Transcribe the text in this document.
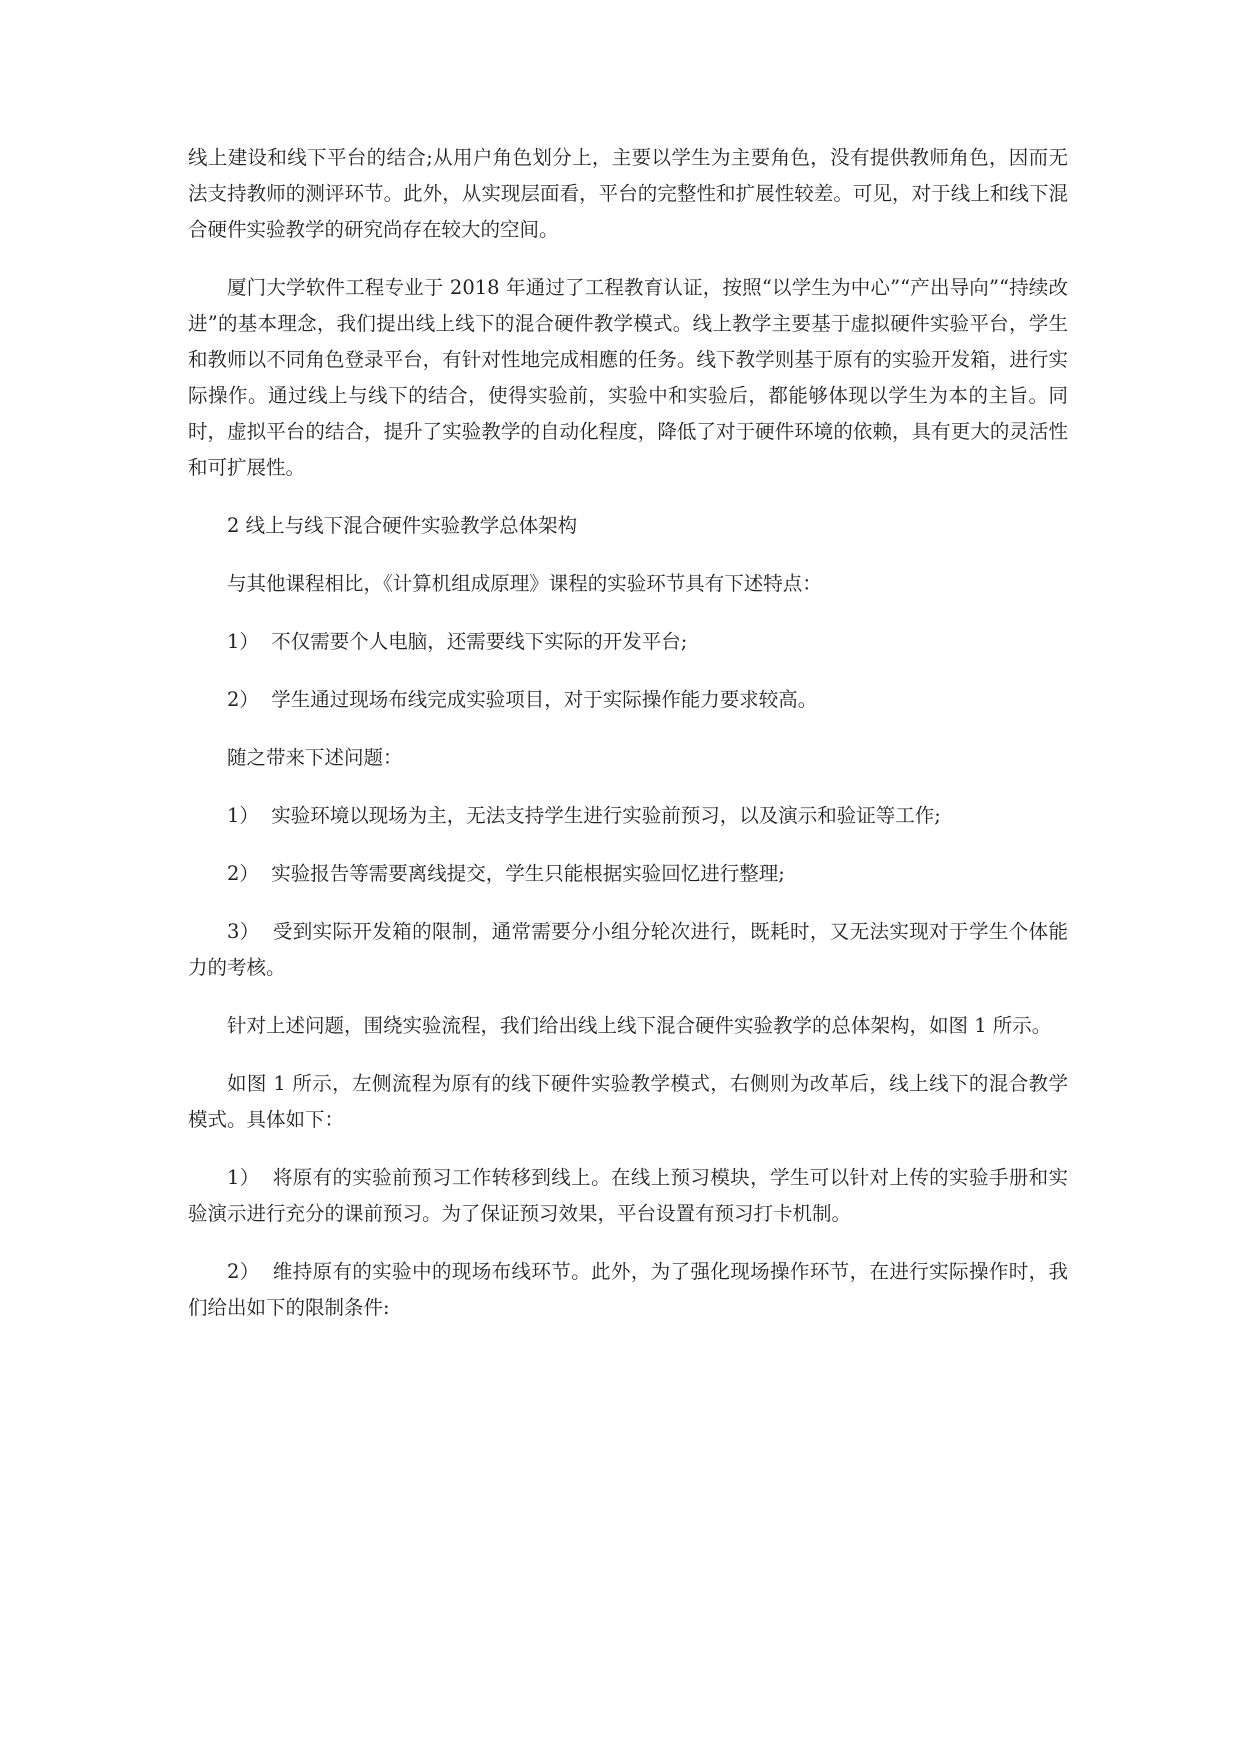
线上建设和线下平台的结合;从用户角色划分上，主要以学生为主要角色，没有提供教师角色，因而无法支持教师的测评环节。此外，从实现层面看，平台的完整性和扩展性较差。可见，对于线上和线下混合硬件实验教学的研究尚存在较大的空间。

厦门大学软件工程专业于 2018 年通过了工程教育认证，按照“以学生为中心”“产出导向”“持续改进”的基本理念，我们提出线上线下的混合硬件教学模式。线上教学主要基于虚拟硬件实验平台，学生和教师以不同角色登录平台，有针对性地完成相應的任务。线下教学则基于原有的实验开发箱，进行实际操作。通过线上与线下的结合，使得实验前，实验中和实验后，都能够体现以学生为本的主旨。同时，虚拟平台的结合，提升了实验教学的自动化程度，降低了对于硬件环境的依赖，具有更大的灵活性和可扩展性。

2 线上与线下混合硬件实验教学总体架构

与其他课程相比，《计算机组成原理》课程的实验环节具有下述特点：

1）  不仅需要个人电脑，还需要线下实际的开发平台;

2）  学生通过现场布线完成实验项目，对于实际操作能力要求较高。

随之带来下述问题：

1）  实验环境以现场为主，无法支持学生进行实验前预习，以及演示和验证等工作;

2）  实验报告等需要离线提交，学生只能根据实验回忆进行整理;

3）  受到实际开发箱的限制，通常需要分小组分轮次进行，既耗时，又无法实现对于学生个体能力的考核。

针对上述问题，围绕实验流程，我们给出线上线下混合硬件实验教学的总体架构，如图 1 所示。

如图 1 所示，左侧流程为原有的线下硬件实验教学模式，右侧则为改革后，线上线下的混合教学模式。具体如下：

1）  将原有的实验前预习工作转移到线上。在线上预习模块，学生可以针对上传的实验手册和实验演示进行充分的课前预习。为了保证预习效果，平台设置有预习打卡机制。

2）  维持原有的实验中的现场布线环节。此外，为了强化现场操作环节，在进行实际操作时，我们给出如下的限制条件:
